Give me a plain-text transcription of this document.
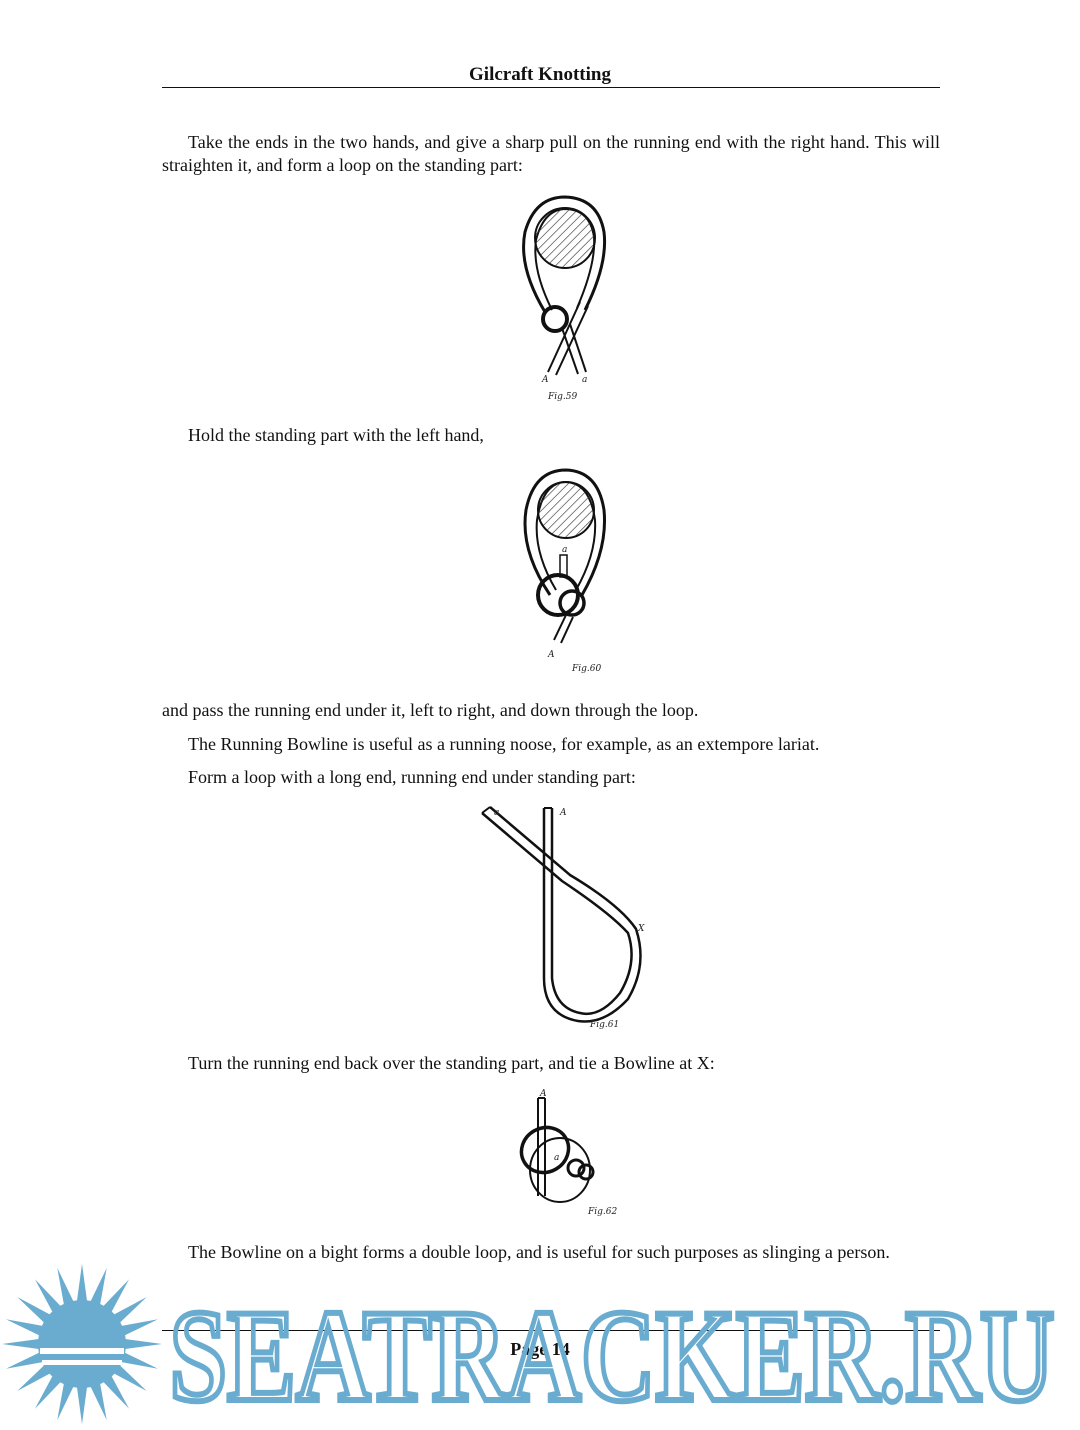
Gilcraft Knotting

Take the ends in the two hands, and give a sharp pull on the running end with the right hand. This will straighten it, and form a loop on the standing part:

A	a
Fig.59

Hold the standing part with the left hand,

a
A
Fig.60

and pass the running end under it, left to right, and down through the loop.

The Running Bowline is useful as a running noose, for example, as an extempore lariat.

Form a loop with a long end, running end under standing part:

a	A
X
Fig.61

Turn the running end back over the standing part, and tie a Bowline at X:

A
a
Fig.62

The Bowline on a bight forms a double loop, and is useful for such purposes as slinging a person.

Page 14
SEATRACKER.RU
